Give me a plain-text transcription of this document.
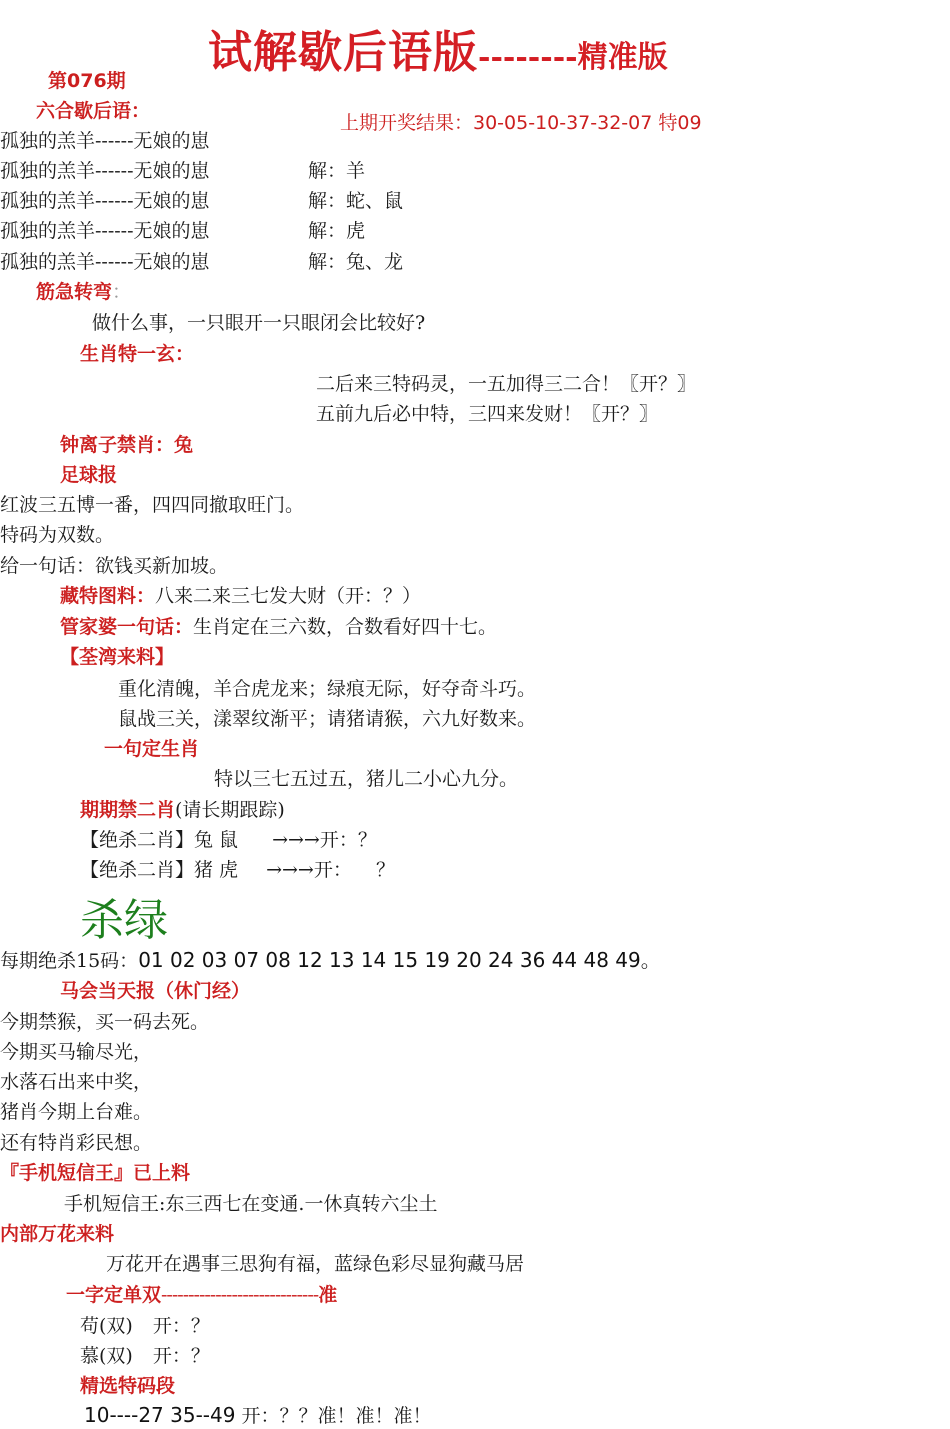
试解歇后语版--------精准版
第076期
六合歇后语：
上期开奖结果：30-05-10-37-32-07 特09
孤独的羔羊------无娘的崽
孤独的羔羊------无娘的崽	解：羊
孤独的羔羊------无娘的崽	解：蛇、鼠
孤独的羔羊------无娘的崽	解：虎
孤独的羔羊------无娘的崽	解：兔、龙
筋急转弯：
做什么事，一只眼开一只眼闭会比较好?
生肖特一玄：
二后来三特码灵，一五加得三二合！〖开？〗
五前九后必中特，三四来发财！〖开？〗
钟离子禁肖：兔
足球报
红波三五博一番，四四同撤取旺门。
特码为双数。
给一句话：欲钱买新加坡。
藏特图料：八来二来三七发大财（开：？）
管家婆一句话：生肖定在三六数，合数看好四十七。
【荃湾来料】
重化清魄，羊合虎龙来；绿痕无际，好夺奇斗巧。
鼠战三关，漾翠纹渐平；请猪请猴，六九好数来。
一句定生肖
特以三七五过五，猪儿二小心九分。
期期禁二肖(请长期跟踪)
【绝杀二肖】兔 鼠 →→→开：？
【绝杀二肖】猪 虎 →→→开：    ？
杀绿
每期绝杀15码：01 02 03 07 08 12 13 14 15 19 20 24 36 44 48 49。
马会当天报（休门经）
今期禁猴，买一码去死。
今期买马输尽光，
水落石出来中奖，
猪肖今期上台难。
还有特肖彩民想。
『手机短信王』已上料
手机短信王:东三西七在变通.一休真转六尘土
内部万花来料
万花开在遇事三思狗有福，蓝绿色彩尽显狗藏马居
一字定单双-----------------------------准
苟(双) 开：？
慕(双) 开：？
精选特码段
10----27 35--49 开：？？准！准！准！
